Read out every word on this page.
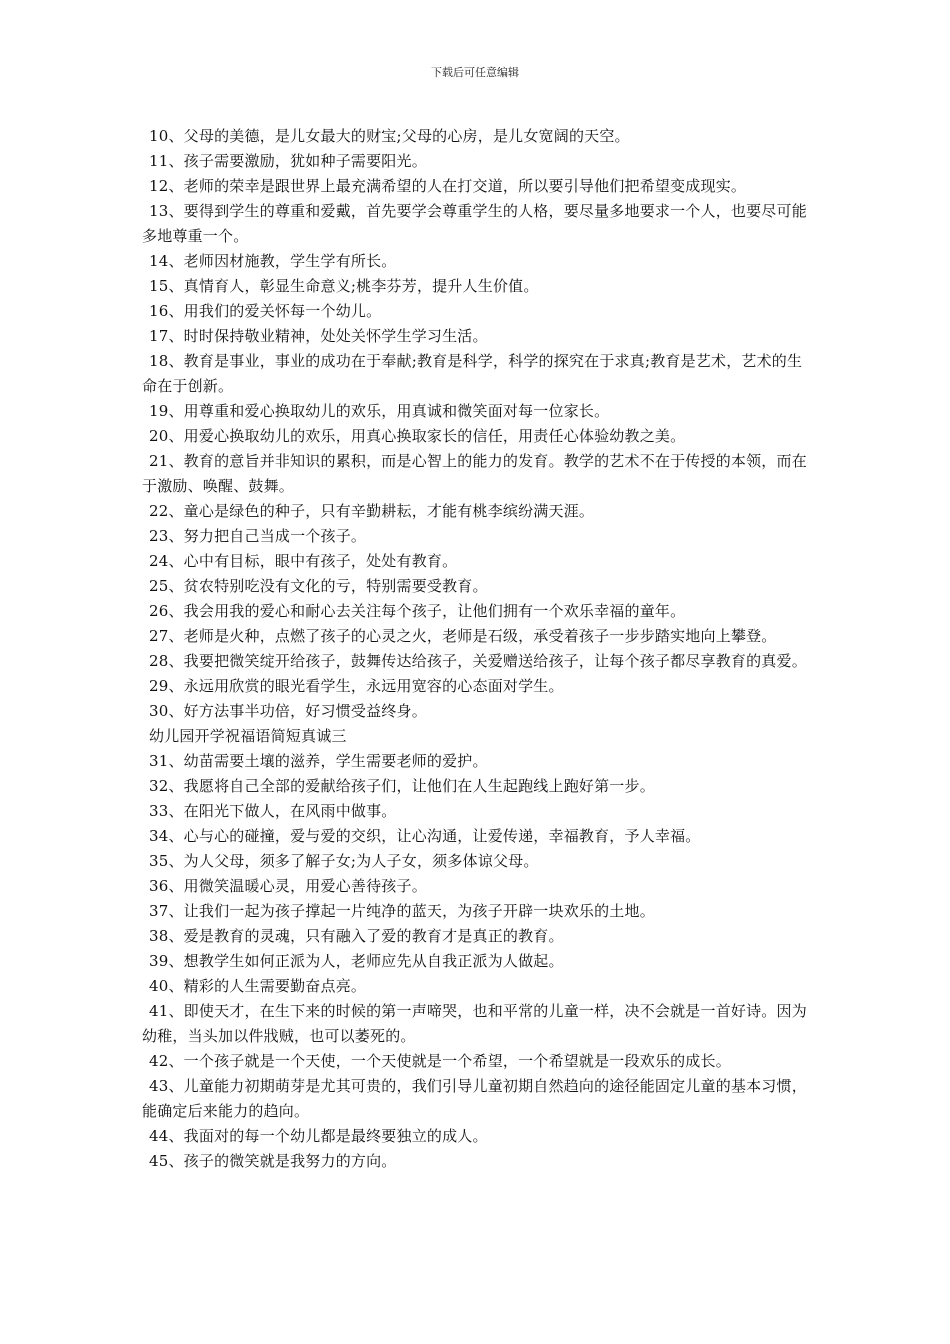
下载后可任意编辑

10、父母的美德，是儿女最大的财宝;父母的心房，是儿女宽阔的天空。

11、孩子需要激励，犹如种子需要阳光。

12、老师的荣幸是跟世界上最充满希望的人在打交道，所以要引导他们把希望变成现实。

13、要得到学生的尊重和爱戴，首先要学会尊重学生的人格，要尽量多地要求一个人，也要尽可能多地尊重一个。

14、老师因材施教，学生学有所长。

15、真情育人，彰显生命意义;桃李芬芳，提升人生价值。

16、用我们的爱关怀每一个幼儿。

17、时时保持敬业精神，处处关怀学生学习生活。

18、教育是事业，事业的成功在于奉献;教育是科学，科学的探究在于求真;教育是艺术，艺术的生命在于创新。

19、用尊重和爱心换取幼儿的欢乐，用真诚和微笑面对每一位家长。

20、用爱心换取幼儿的欢乐，用真心换取家长的信任，用责任心体验幼教之美。

21、教育的意旨并非知识的累积，而是心智上的能力的发育。教学的艺术不在于传授的本领，而在于激励、唤醒、鼓舞。

22、童心是绿色的种子，只有辛勤耕耘，才能有桃李缤纷满天涯。

23、努力把自己当成一个孩子。

24、心中有目标，眼中有孩子，处处有教育。

25、贫农特别吃没有文化的亏，特别需要受教育。

26、我会用我的爱心和耐心去关注每个孩子，让他们拥有一个欢乐幸福的童年。

27、老师是火种，点燃了孩子的心灵之火，老师是石级，承受着孩子一步步踏实地向上攀登。

28、我要把微笑绽开给孩子，鼓舞传达给孩子，关爱赠送给孩子，让每个孩子都尽享教育的真爱。

29、永远用欣赏的眼光看学生，永远用宽容的心态面对学生。

30、好方法事半功倍，好习惯受益终身。

幼儿园开学祝福语简短真诚三

31、幼苗需要土壤的滋养，学生需要老师的爱护。

32、我愿将自己全部的爱献给孩子们，让他们在人生起跑线上跑好第一步。

33、在阳光下做人，在风雨中做事。

34、心与心的碰撞，爱与爱的交织，让心沟通，让爱传递，幸福教育，予人幸福。

35、为人父母，须多了解子女;为人子女，须多体谅父母。

36、用微笑温暖心灵，用爱心善待孩子。

37、让我们一起为孩子撑起一片纯净的蓝天，为孩子开辟一块欢乐的土地。

38、爱是教育的灵魂，只有融入了爱的教育才是真正的教育。

39、想教学生如何正派为人，老师应先从自我正派为人做起。

40、精彩的人生需要勤奋点亮。

41、即使天才，在生下来的时候的第一声啼哭，也和平常的儿童一样，决不会就是一首好诗。因为幼稚，当头加以件戕贼，也可以萎死的。

42、一个孩子就是一个天使，一个天使就是一个希望，一个希望就是一段欢乐的成长。

43、儿童能力初期萌芽是尤其可贵的，我们引导儿童初期自然趋向的途径能固定儿童的基本习惯，能确定后来能力的趋向。

44、我面对的每一个幼儿都是最终要独立的成人。

45、孩子的微笑就是我努力的方向。
